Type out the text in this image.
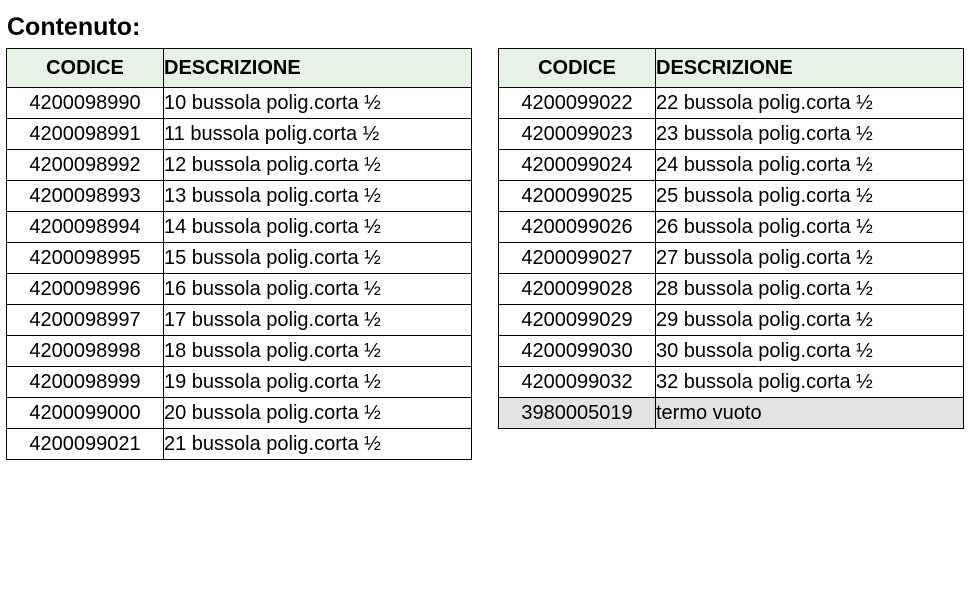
Contenuto:
CODICE	DESCRIZIONE
4200098990	10 bussola polig.corta ½
4200098991	11 bussola polig.corta ½
4200098992	12 bussola polig.corta ½
4200098993	13 bussola polig.corta ½
4200098994	14 bussola polig.corta ½
4200098995	15 bussola polig.corta ½
4200098996	16 bussola polig.corta ½
4200098997	17 bussola polig.corta ½
4200098998	18 bussola polig.corta ½
4200098999	19 bussola polig.corta ½
4200099000	20 bussola polig.corta ½
4200099021	21 bussola polig.corta ½
CODICE	DESCRIZIONE
4200099022	22 bussola polig.corta ½
4200099023	23 bussola polig.corta ½
4200099024	24 bussola polig.corta ½
4200099025	25 bussola polig.corta ½
4200099026	26 bussola polig.corta ½
4200099027	27 bussola polig.corta ½
4200099028	28 bussola polig.corta ½
4200099029	29 bussola polig.corta ½
4200099030	30 bussola polig.corta ½
4200099032	32 bussola polig.corta ½
3980005019	termo vuoto
